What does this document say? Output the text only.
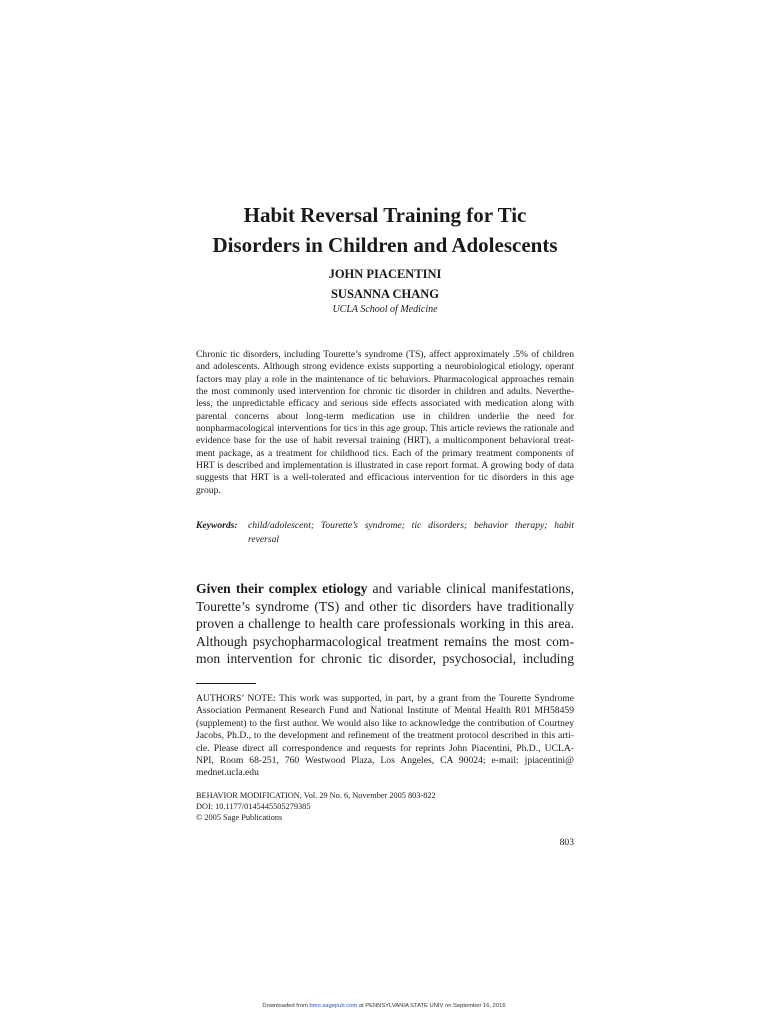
Habit Reversal Training for Tic
Disorders in Children and Adolescents
JOHN PIACENTINI
SUSANNA CHANG
UCLA School of Medicine
Chronic tic disorders, including Tourette’s syndrome (TS), affect approximately .5% of children
and adolescents. Although strong evidence exists supporting a neurobiological etiology, operant
factors may play a role in the maintenance of tic behaviors. Pharmacological approaches remain
the most commonly used intervention for chronic tic disorder in children and adults. Neverthe-
less, the unpredictable efficacy and serious side effects associated with medication along with
parental concerns about long-term medication use in children underlie the need for
nonpharmacological interventions for tics in this age group. This article reviews the rationale and
evidence base for the use of habit reversal training (HRT), a multicomponent behavioral treat-
ment package, as a treatment for childhood tics. Each of the primary treatment components of
HRT is described and implementation is illustrated in case report format. A growing body of data
suggests that HRT is a well-tolerated and efficacious intervention for tic disorders in this age
group.
Keywords: child/adolescent; Tourette’s syndrome; tic disorders; behavior therapy; habit reversal
Given their complex etiology and variable clinical manifestations,
Tourette’s syndrome (TS) and other tic disorders have traditionally
proven a challenge to health care professionals working in this area.
Although psychopharmacological treatment remains the most com-
mon intervention for chronic tic disorder, psychosocial, including
AUTHORS’ NOTE: This work was supported, in part, by a grant from the Tourette Syndrome
Association Permanent Research Fund and National Institute of Mental Health R01 MH58459
(supplement) to the first author. We would also like to acknowledge the contribution of Courtney
Jacobs, Ph.D., to the development and refinement of the treatment protocol described in this arti-
cle. Please direct all correspondence and requests for reprints John Piacentini, Ph.D., UCLA-
NPI, Room 68-251, 760 Westwood Plaza, Los Angeles, CA 90024; e-mail: jpiacentini@
mednet.ucla.edu
BEHAVIOR MODIFICATION, Vol. 29 No. 6, November 2005 803-822
DOI: 10.1177/0145445505279385
© 2005 Sage Publications
803
Downloaded from bmo.sagepub.com at PENNSYLVANIA STATE UNIV on September 16, 2016
